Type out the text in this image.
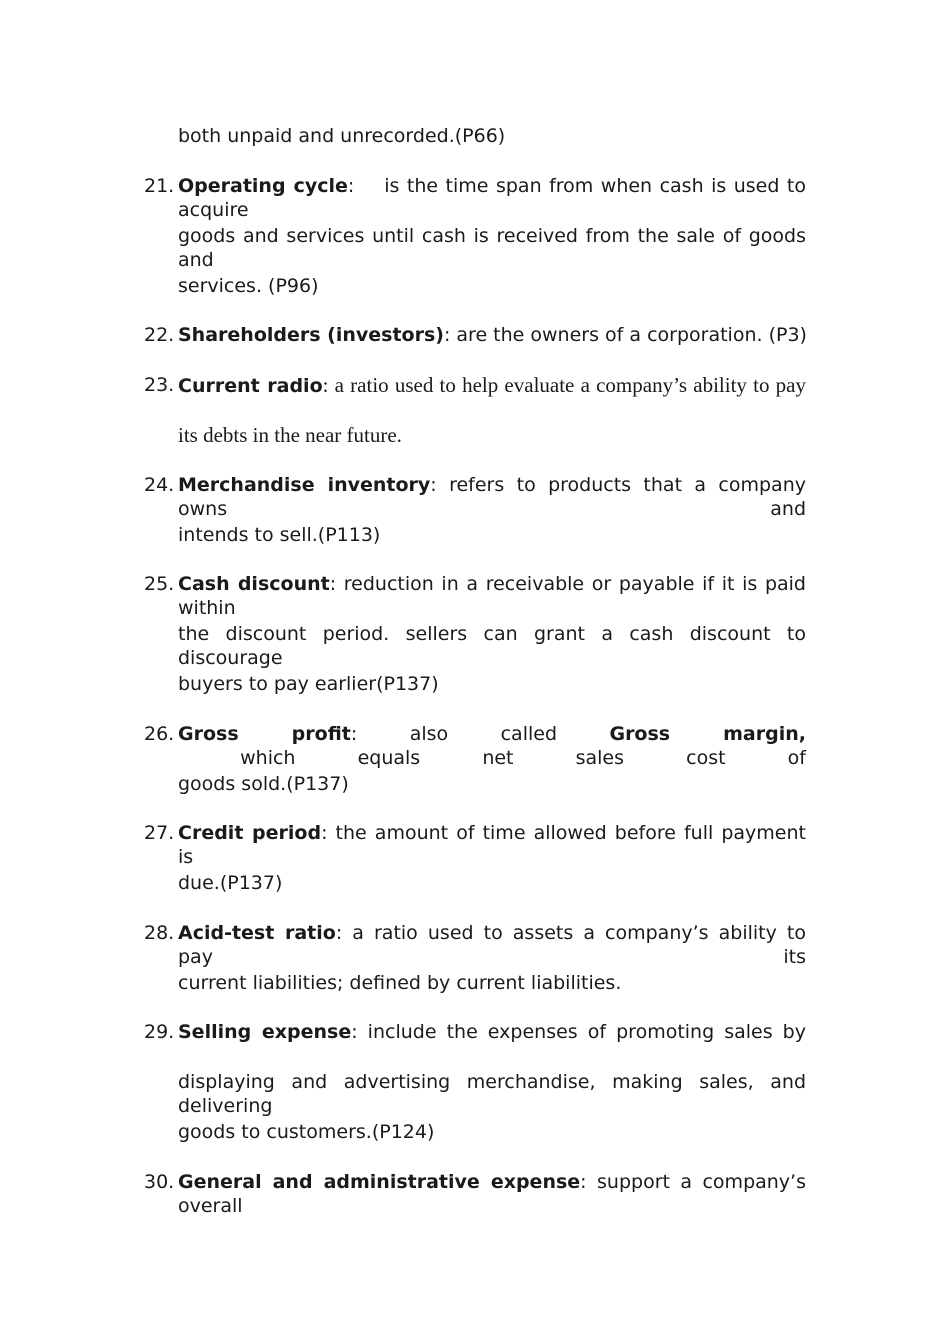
both unpaid and unrecorded.(P66)
21. Operating cycle:    is the time span from when cash is used to acquire
goods and services until cash is received from the sale of goods and
services. (P96)
22. Shareholders (investors): are the owners of a corporation. (P3)
23. Current radio: a ratio used to help evaluate a company’s ability to pay
its debts in the near future.
24. Merchandise inventory: refers to products that a company owns and
intends to sell.(P113)
25. Cash discount: reduction in a receivable or payable if it is paid within
the discount period. sellers can grant a cash discount to discourage
buyers to pay earlier(P137)
26. Gross profit: also called Gross margin, which equals net sales cost of
goods sold.(P137)
27. Credit period: the amount of time allowed before full payment is
due.(P137)
28. Acid-test ratio: a ratio used to assets a company’s ability to pay its
current liabilities; defined by current liabilities.
29. Selling expense: include the expenses of promoting sales by
displaying and advertising merchandise, making sales, and delivering
goods to customers.(P124)
30. General and administrative expense: support a company’s overall
